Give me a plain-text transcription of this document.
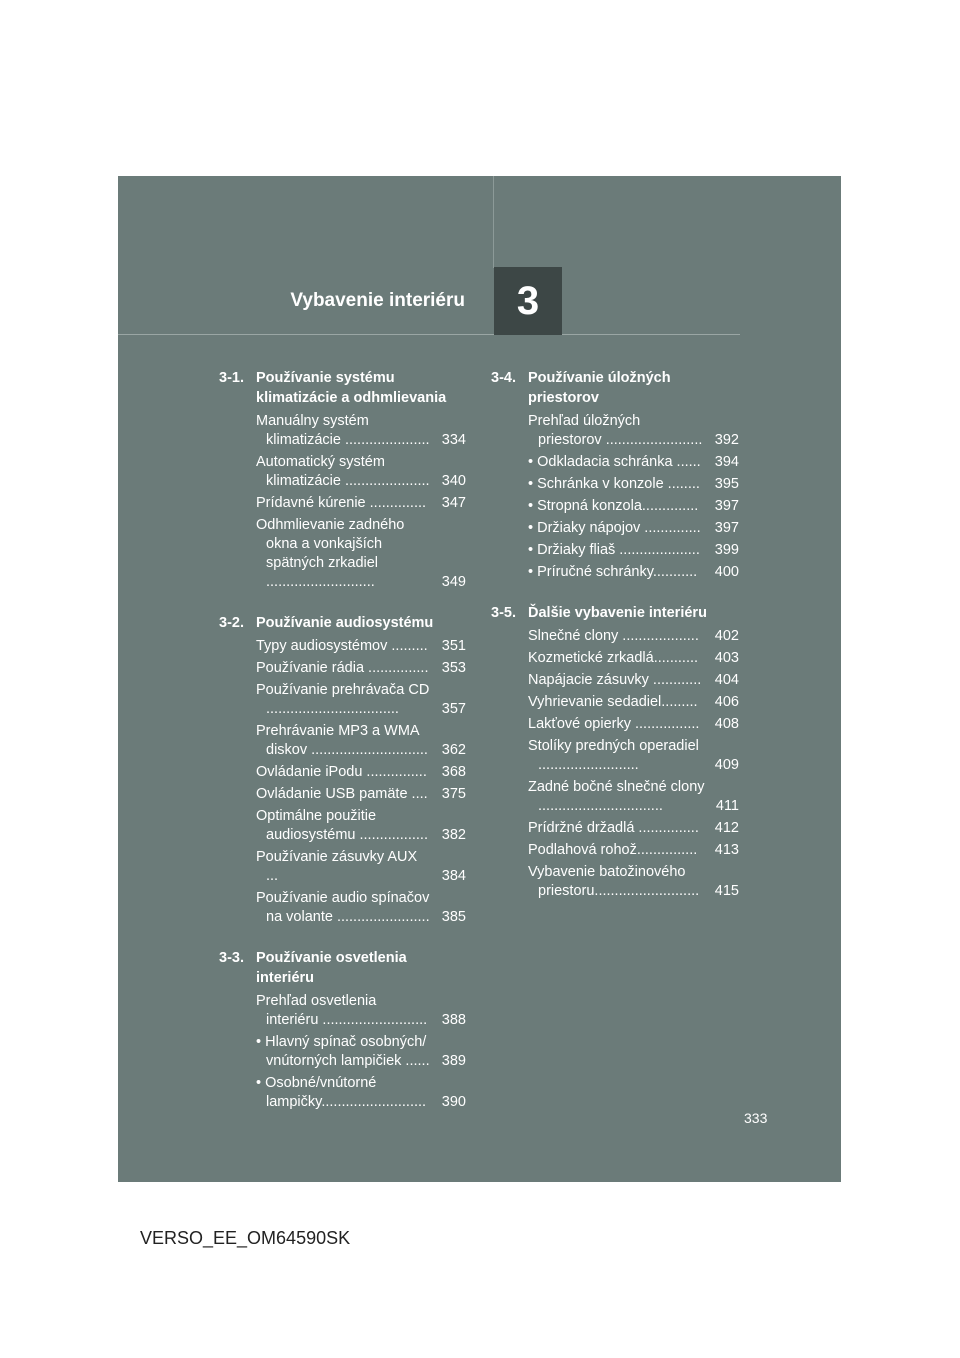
Vybavenie interiéru	3
3-1. Používanie systému klimatizácie a odhmlievania
Manuálny systém klimatizácie ..................... 334
Automatický systém klimatizácie ..................... 340
Prídavné kúrenie ..............	347
Odhmlievanie zadného okna a vonkajších spätných zrkadiel ...........................	349
3-2. Používanie audiosystému
Typy audiosystémov ......... 351
Používanie rádia ............... 353
Používanie prehrávača CD .................................	357
Prehrávanie MP3 a WMA diskov ............................. 362
Ovládanie iPodu ...............	368
Ovládanie USB pamäte .... 375
Optimálne použitie audiosystému ................. 382
Používanie zásuvky AUX ...	384
Používanie audio spínačov na volante ....................... 385
3-3. Používanie osvetlenia interiéru
Prehľad osvetlenia interiéru ..........................	388
• Hlavný spínač osobných/ vnútorných lampičiek ...... 389
• Osobné/vnútorné lampičky..........................	390
3-4. Používanie úložných priestorov
Prehľad úložných priestorov ........................ 392
• Odkladacia schránka ...... 394
• Schránka v konzole ........	395
• Stropná konzola..............	397
• Držiaky nápojov .............. 397
• Držiaky fliaš ....................	399
• Príručné schránky...........	400
3-5. Ďalšie vybavenie interiéru
Slnečné clony ...................	402
Kozmetické zrkadlá...........	403
Napájacie zásuvky ............ 404
Vyhrievanie sedadiel.........	406
Lakťové opierky ................	408
Stolíky predných operadiel .........................	409
Zadné bočné slnečné clony ...............................	411
Prídržné držadlá ...............	412
Podlahová rohož...............	413
Vybavenie batožinového priestoru..........................	415
333
VERSO_EE_OM64590SK
